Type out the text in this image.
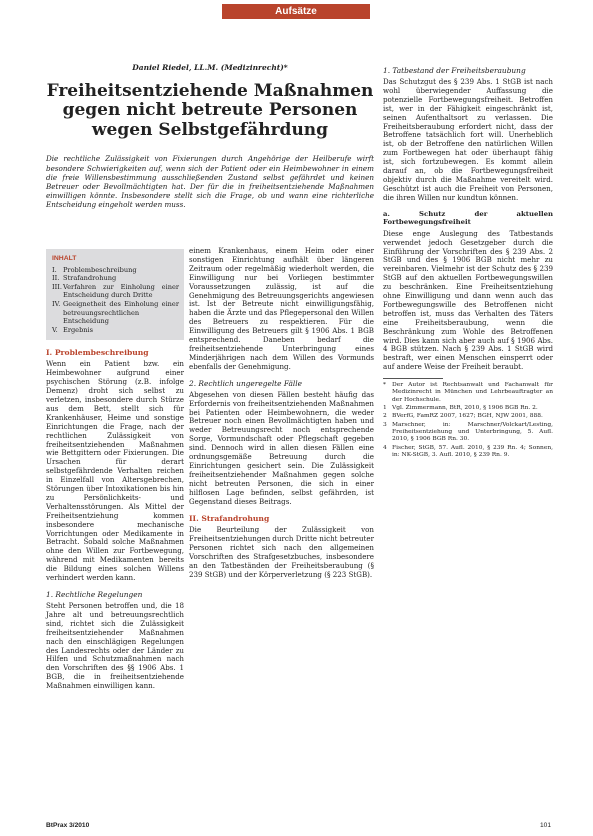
Aufsätze
Daniel Riedel, LL.M. (Medizinrecht)*
Freiheitsentziehende Maßnahmen gegen nicht betreute Personen wegen Selbstgefährdung

Die rechtliche Zulässigkeit von Fixierungen durch Angehörige der Heilberufe wirft besondere Schwierigkeiten auf, wenn sich der Patient oder ein Heimbewohner in einem die freie Willensbestimmung ausschließenden Zustand selbst gefährdet und keinen Betreuer oder Bevollmächtigten hat. Der für die in freiheitsentziehende Maßnahmen einwilligen könnte. Insbesondere stellt sich die Frage, ob und wann eine richterliche Entscheidung eingeholt werden muss.

INHALT
I. Problembeschreibung
II. Strafandrohung
III. Verfahren zur Einholung einer Entscheidung durch Dritte
IV. Geeignetheit des Einholung einer betreuungsrechtlichen Entscheidung
V. Ergebnis
I. Problembeschreibung

Wenn ein Patient bzw. ein Heimbewohner aufgrund einer psychischen Störung (z.B. infolge Demenz) droht sich selbst zu verletzen, insbesondere durch Stürze aus dem Bett, stellt sich für Krankenhäuser, Heime und sonstige Einrichtungen die Frage, nach der rechtlichen Zulässigkeit von freiheitsentziehenden Maßnahmen wie Bettgittern oder Fixierungen. Die Ursachen für derart selbstgefährdende Verhalten reichen in Einzelfall von Altersgebrechen, Störungen über Intoxikationen bis hin zu Persönlichkeits- und Verhaltensstörungen. Als Mittel der Freiheitsentziehung kommen insbesondere mechanische Vorrichtungen oder Medikamente in Betracht. Sobald solche Maßnahmen ohne den Willen zur Fortbewegung, während mit Medikamenten bereits die Bildung eines solchen Willens verhindert werden kann.

1. Rechtliche Regelungen

Steht Personen betroffen und, die 18 Jahre alt und betreuungsrechtlich sind, richtet sich die Zulässigkeit freiheitsentziehender Maßnahmen nach den einschlägigen Regelungen des Landesrechts oder der Länder zu Hilfen und Schutzmaßnahmen nach den Vorschriften des §§ 1906 Abs. 1 BGB, die in freiheitsentziehende Maßnahmen einwilligen kann.

einem Krankenhaus, einem Heim oder einer sonstigen Einrichtung aufhält über längeren Zeitraum oder regelmäßig wiederholt werden, die Einwilligung nur bei Vorliegen bestimmter Voraussetzungen zulässig, ist auf die Genehmigung des Betreuungsgerichts angewiesen ist. Ist der Betreute nicht einwilligungsfähig, haben die Ärzte und das Pflegepersonal den Willen des Betreuers zu respektieren. Für die Einwilligung des Betreuers gilt § 1906 Abs. 1 BGB entsprechend. Daneben bedarf die freiheitsentziehende Unterbringung eines Minderjährigen nach dem Willen des Vormunds ebenfalls der Genehmigung.

2. Rechtlich ungeregelte Fälle

Abgesehen von diesen Fällen besteht häufig das Erfordernis von freiheitsentziehenden Maßnahmen bei Patienten oder Heimbewohnern, die weder Betreuer noch einen Bevollmächtigten haben und weder Betreuungsrecht noch entsprechende Sorge, Vormundschaft oder Pflegschaft gegeben sind. Dennoch wird in allen diesen Fällen eine ordnungsgemäße Betreuung durch die Einrichtungen gesichert sein. Die Zulässigkeit freiheitsentziehender Maßnahmen gegen solche nicht betreuten Personen, die sich in einer hilflosen Lage befinden, selbst gefährden, ist Gegenstand dieses Beitrags.

II. Strafandrohung

Die Beurteilung der Zulässigkeit von Freiheitsentziehungen durch Dritte nicht betreuter Personen richtet sich nach den allgemeinen Vorschriften des Strafgesetzbuches, insbesondere an den Tatbeständen der Freiheitsberaubung (§ 239 StGB) und der Körperverletzung (§ 223 StGB).

1. Tatbestand der Freiheitsberaubung

Das Schutzgut des § 239 Abs. 1 StGB ist nach wohl überwiegender Auffassung die potenzielle Fortbewegungsfreiheit. Betroffen ist, wer in der Fähigkeit eingeschränkt ist, seinen Aufenthaltsort zu verlassen. Die Freiheitsberaubung erfordert nicht, dass der Betroffene tatsächlich fort will. Unerheblich ist, ob der Betroffene den natürlichen Willen zum Fortbewegen hat oder überhaupt fähig ist, sich fortzubewegen. Es kommt allein darauf an, ob die Fortbewegungsfreiheit objektiv durch die Maßnahme vereitelt wird. Geschützt ist auch die Freiheit von Personen, die ihren Willen nur kundtun können.

a. Schutz der aktuellen Fortbewegungsfreiheit

Diese enge Auslegung des Tatbestands verwendet jedoch Gesetzgeber durch die Einführung der Vorschriften des § 239 Abs. 2 StGB und des § 1906 BGB nicht mehr zu vereinbaren. Vielmehr ist der Schutz des § 239 StGB auf den aktuellen Fortbewegungswillen zu beschränken. Eine Freiheitsentziehung ohne Einwilligung und dann wenn auch das Fortbewegungswille des Betroffenen nicht betroffen ist, muss das Verhalten des Täters eine Freiheitsberaubung, wenn die Beschränkung zum Wohle des Betroffenen wird. Dies kann sich aber auch auf § 1906 Abs. 4 BGB stützen. Nach § 239 Abs. 1 StGB wird bestraft, wer einen Menschen einsperrt oder auf andere Weise der Freiheit beraubt.

*	Der Autor ist Rechtsanwalt und Fachanwalt für Medizinrecht in München und Lehrbeauftragter an der Hochschule.
1 Vgl. Zimmermann, BtR, 2010, § 1906 BGB Rn. 2.
2 BVerfG, FamRZ 2007, 1627; BGH, NJW 2001, 888.
3 Marschner, in: Marschner/Volckart/Lesting, Freiheitsentziehung und Unterbringung, 5. Aufl. 2010, § 1906 BGB Rn. 30.
4 Fischer, StGB, 57. Aufl. 2010, § 239 Rn. 4; Sonnen, in: NK-StGB, 3. Aufl. 2010, § 239 Rn. 9.
BtPrax 3/2010	101
